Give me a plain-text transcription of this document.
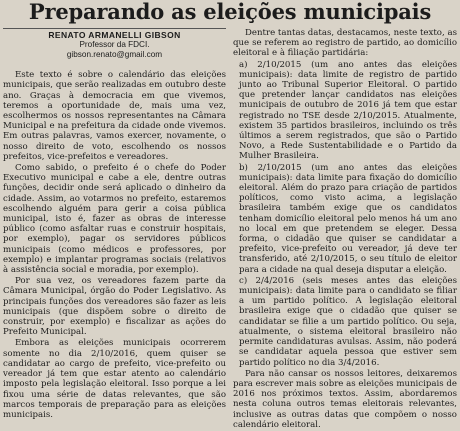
Preparando as eleições municipais
RENATO ARMANELLI GIBSON
Professor da FDCI.
gibson.renato@gmail.com

Este texto é sobre o calendário das eleições municipais, que serão realizadas em outubro deste ano. Graças à democracia em que vivemos, teremos a oportunidade de, mais uma vez, escolhermos os nossos representantes na Câmara Municipal e na prefeitura da cidade onde vivemos. Em outras palavras, vamos exercer, novamente, o nosso direito de voto, escolhendo os nossos prefeitos, vice-prefeitos e vereadores.

Como sabido, o prefeito é o chefe do Poder Executivo municipal e cabe a ele, dentre outras funções, decidir onde será aplicado o dinheiro da cidade. Assim, ao votarmos no prefeito, estaremos escolhendo alguém para gerir a coisa pública municipal, isto é, fazer as obras de interesse público (como asfaltar ruas e construir hospitais, por exemplo), pagar os servidores públicos municipais (como médicos e professores, por exemplo) e implantar programas sociais (relativos à assistência social e moradia, por exemplo).

Por sua vez, os vereadores fazem parte da Câmara Municipal, órgão do Poder Legislativo. As principais funções dos vereadores são fazer as leis municipais (que dispõem sobre o direito de construir, por exemplo) e fiscalizar as ações do Prefeito Municipal.

Embora as eleições municipais ocorrerem somente no dia 2/10/2016, quem quiser se candidatar ao cargo de prefeito, vice-prefeito ou vereador já tem que estar atento ao calendário imposto pela legislação eleitoral. Isso porque a lei fixou uma série de datas relevantes, que são marcos temporais de preparação para as eleições municipais.

Dentre tantas datas, destacamos, neste texto, as que se referem ao registro de partido, ao domicílio eleitoral e à filiação partidária:

a) 2/10/2015 (um ano antes das eleições municipais): data limite de registro de partido junto ao Tribunal Superior Eleitoral. O partido que pretender lançar candidatos nas eleições municipais de outubro de 2016 já tem que estar registrado no TSE desde 2/10/2015. Atualmente, existem 35 partidos brasileiros, incluindo os três últimos a serem registrados, que são o Partido Novo, a Rede Sustentabilidade e o Partido da Mulher Brasileira.

b) 2/10/2015 (um ano antes das eleições municipais): data limite para fixação do domicílio eleitoral. Além do prazo para criação de partidos políticos, como visto acima, a legislação brasileira também exige que os candidatos tenham domicílio eleitoral pelo menos há um ano no local em que pretendem se eleger. Dessa forma, o cidadão que quiser se candidatar a prefeito, vice-prefeito ou vereador, já deve ter transferido, até 2/10/2015, o seu título de eleitor para a cidade na qual deseja disputar a eleição.

c) 2/4/2016 (seis meses antes das eleições municipais): data limite para o candidato se filiar a um partido político. A legislação eleitoral brasileira exige que o cidadão que quiser se candidatar se filie a um partido político. Ou seja, atualmente, o sistema eleitoral brasileiro não permite candidaturas avulsas. Assim, não poderá se candidatar aquela pessoa que estiver sem partido político no dia 3/4/2016.

Para não cansar os nossos leitores, deixaremos para escrever mais sobre as eleições municipais de 2016 nos próximos textos. Assim, abordaremos nesta coluna outros temas eleitorais relevantes, inclusive as outras datas que compõem o nosso calendário eleitoral.
